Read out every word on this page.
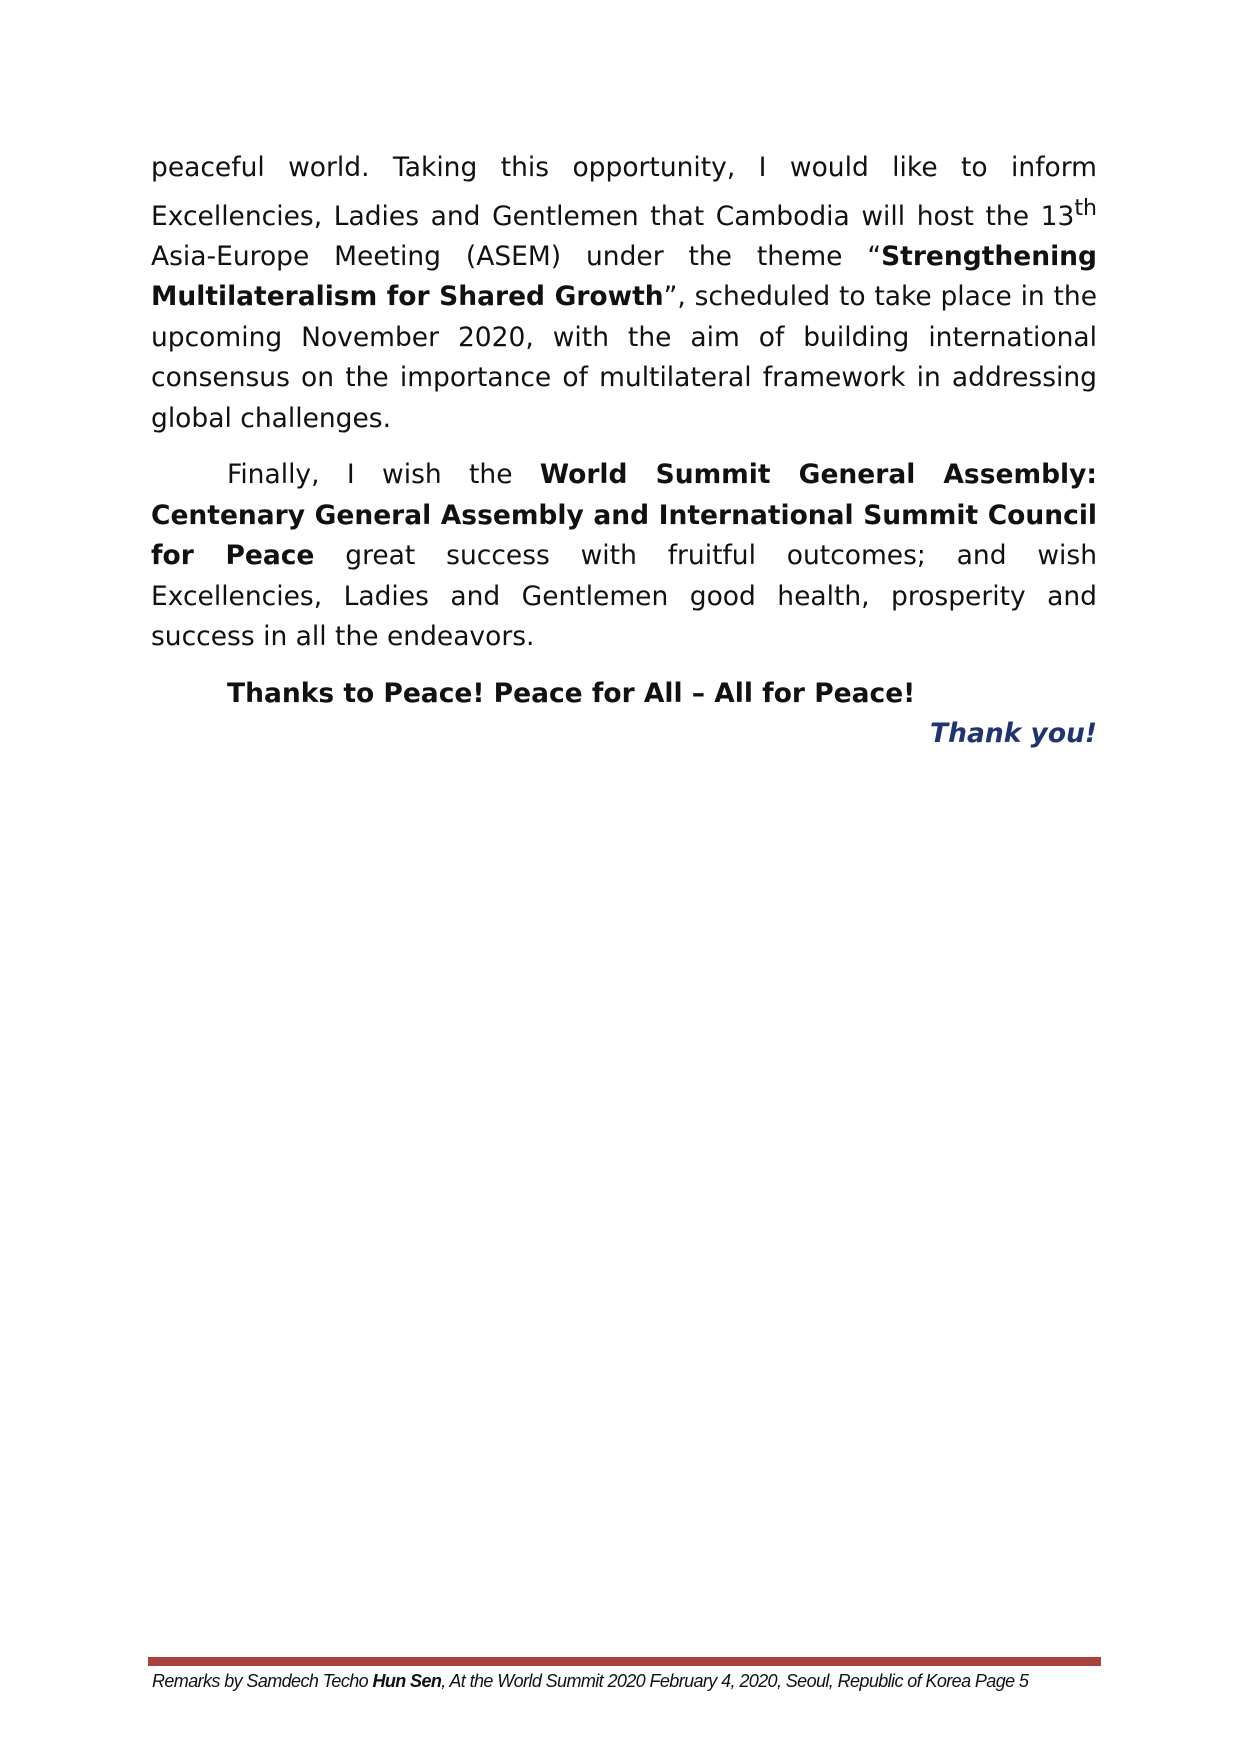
peaceful world. Taking this opportunity, I would like to inform Excellencies, Ladies and Gentlemen that Cambodia will host the 13th Asia-Europe Meeting (ASEM) under the theme “Strengthening Multilateralism for Shared Growth”, scheduled to take place in the upcoming November 2020, with the aim of building international consensus on the importance of multilateral framework in addressing global challenges.

Finally, I wish the World Summit General Assembly: Centenary General Assembly and International Summit Council for Peace great success with fruitful outcomes; and wish Excellencies, Ladies and Gentlemen good health, prosperity and success in all the endeavors.

Thanks to Peace! Peace for All – All for Peace!
Thank you!
Remarks by Samdech Techo Hun Sen, At the World Summit 2020 February 4, 2020, Seoul, Republic of Korea Page 5
